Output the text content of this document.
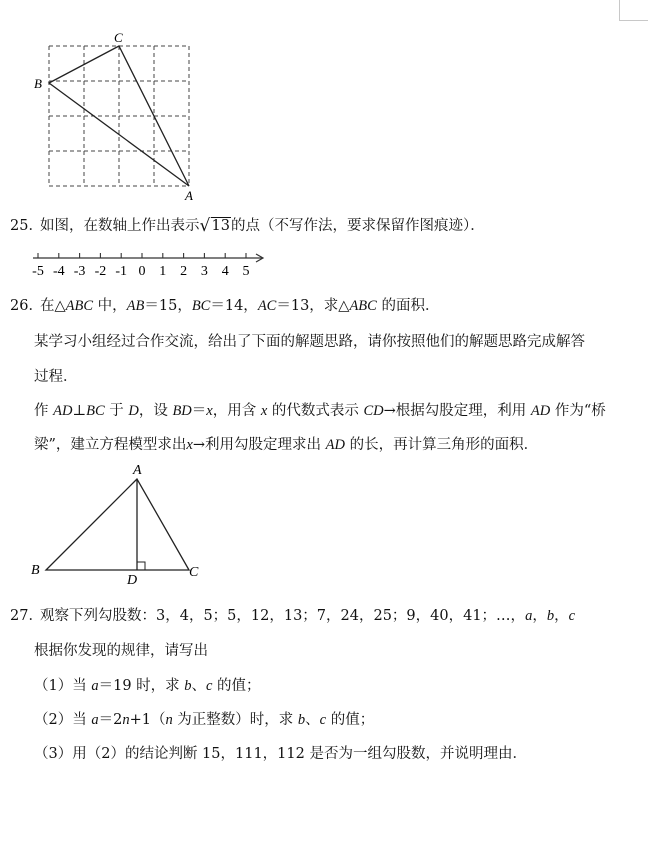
C
B
A
25．
如图，在数轴上作出表示 √ 13的点（不写作法，要求保留作图痕迹）．
-5 -4 -3 -2 -1 0 1 2 3 4 5
26．
在△ABC 中，AB＝15，BC＝14，AC＝13，求△ABC 的面积．
某学习小组经过合作交流，给出了下面的解题思路，请你按照他们的解题思路完成解答
过程．
作 AD⊥BC 于 D，设 BD＝x，用含 x 的代数式表示 CD→根据勾股定理，利用 AD 作为“桥
梁”，建立方程模型求出x→利用勾股定理求出 AD 的长，再计算三角形的面积．
A
B	C
D
27．
观察下列勾股数：3，4，5；5，12，13；7，24，25；9，40，41；…，a，b，c
根据你发现的规律，请写出
（1）当 a＝19 时，求 b、c 的值；
（2）当 a＝2n+1（n 为正整数）时，求 b、c 的值；
（3）用（2）的结论判断 15，111，112 是否为一组勾股数，并说明理由．
